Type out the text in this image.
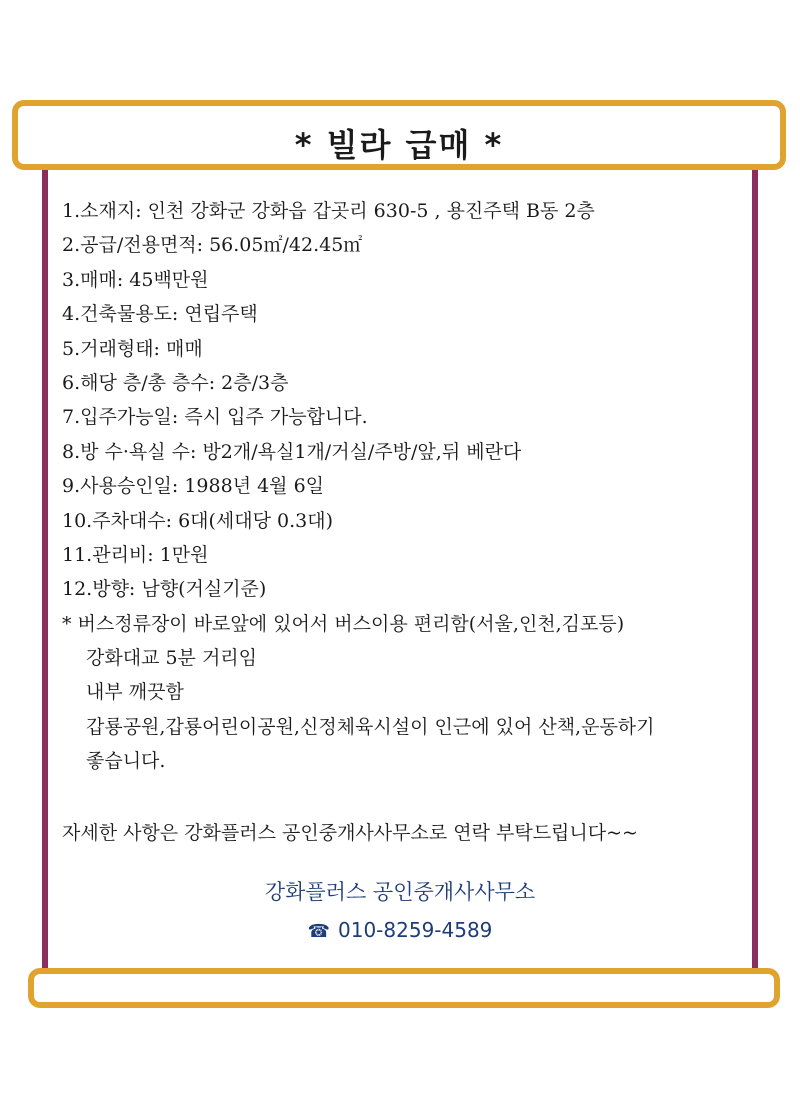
* 빌라 급매 *
1.소재지: 인천 강화군 강화읍 갑곳리 630-5 , 용진주택 B동 2층
2.공급/전용면적: 56.05㎡/42.45㎡
3.매매: 45백만원
4.건축물용도: 연립주택
5.거래형태: 매매
6.해당 층/총 층수: 2층/3층
7.입주가능일: 즉시 입주 가능합니다.
8.방 수·욕실 수: 방2개/욕실1개/거실/주방/앞,뒤 베란다
9.사용승인일: 1988년 4월 6일
10.주차대수: 6대(세대당 0.3대)
11.관리비: 1만원
12.방향: 남향(거실기준)
* 버스정류장이 바로앞에 있어서 버스이용 편리함(서울,인천,김포등)
강화대교 5분 거리임
내부 깨끗함
갑룡공원,갑룡어린이공원,신정체육시설이 인근에 있어 산책,운동하기
좋습니다.
자세한 사항은 강화플러스 공인중개사사무소로 연락 부탁드립니다~~
강화플러스 공인중개사사무소
☎ 010-8259-4589
